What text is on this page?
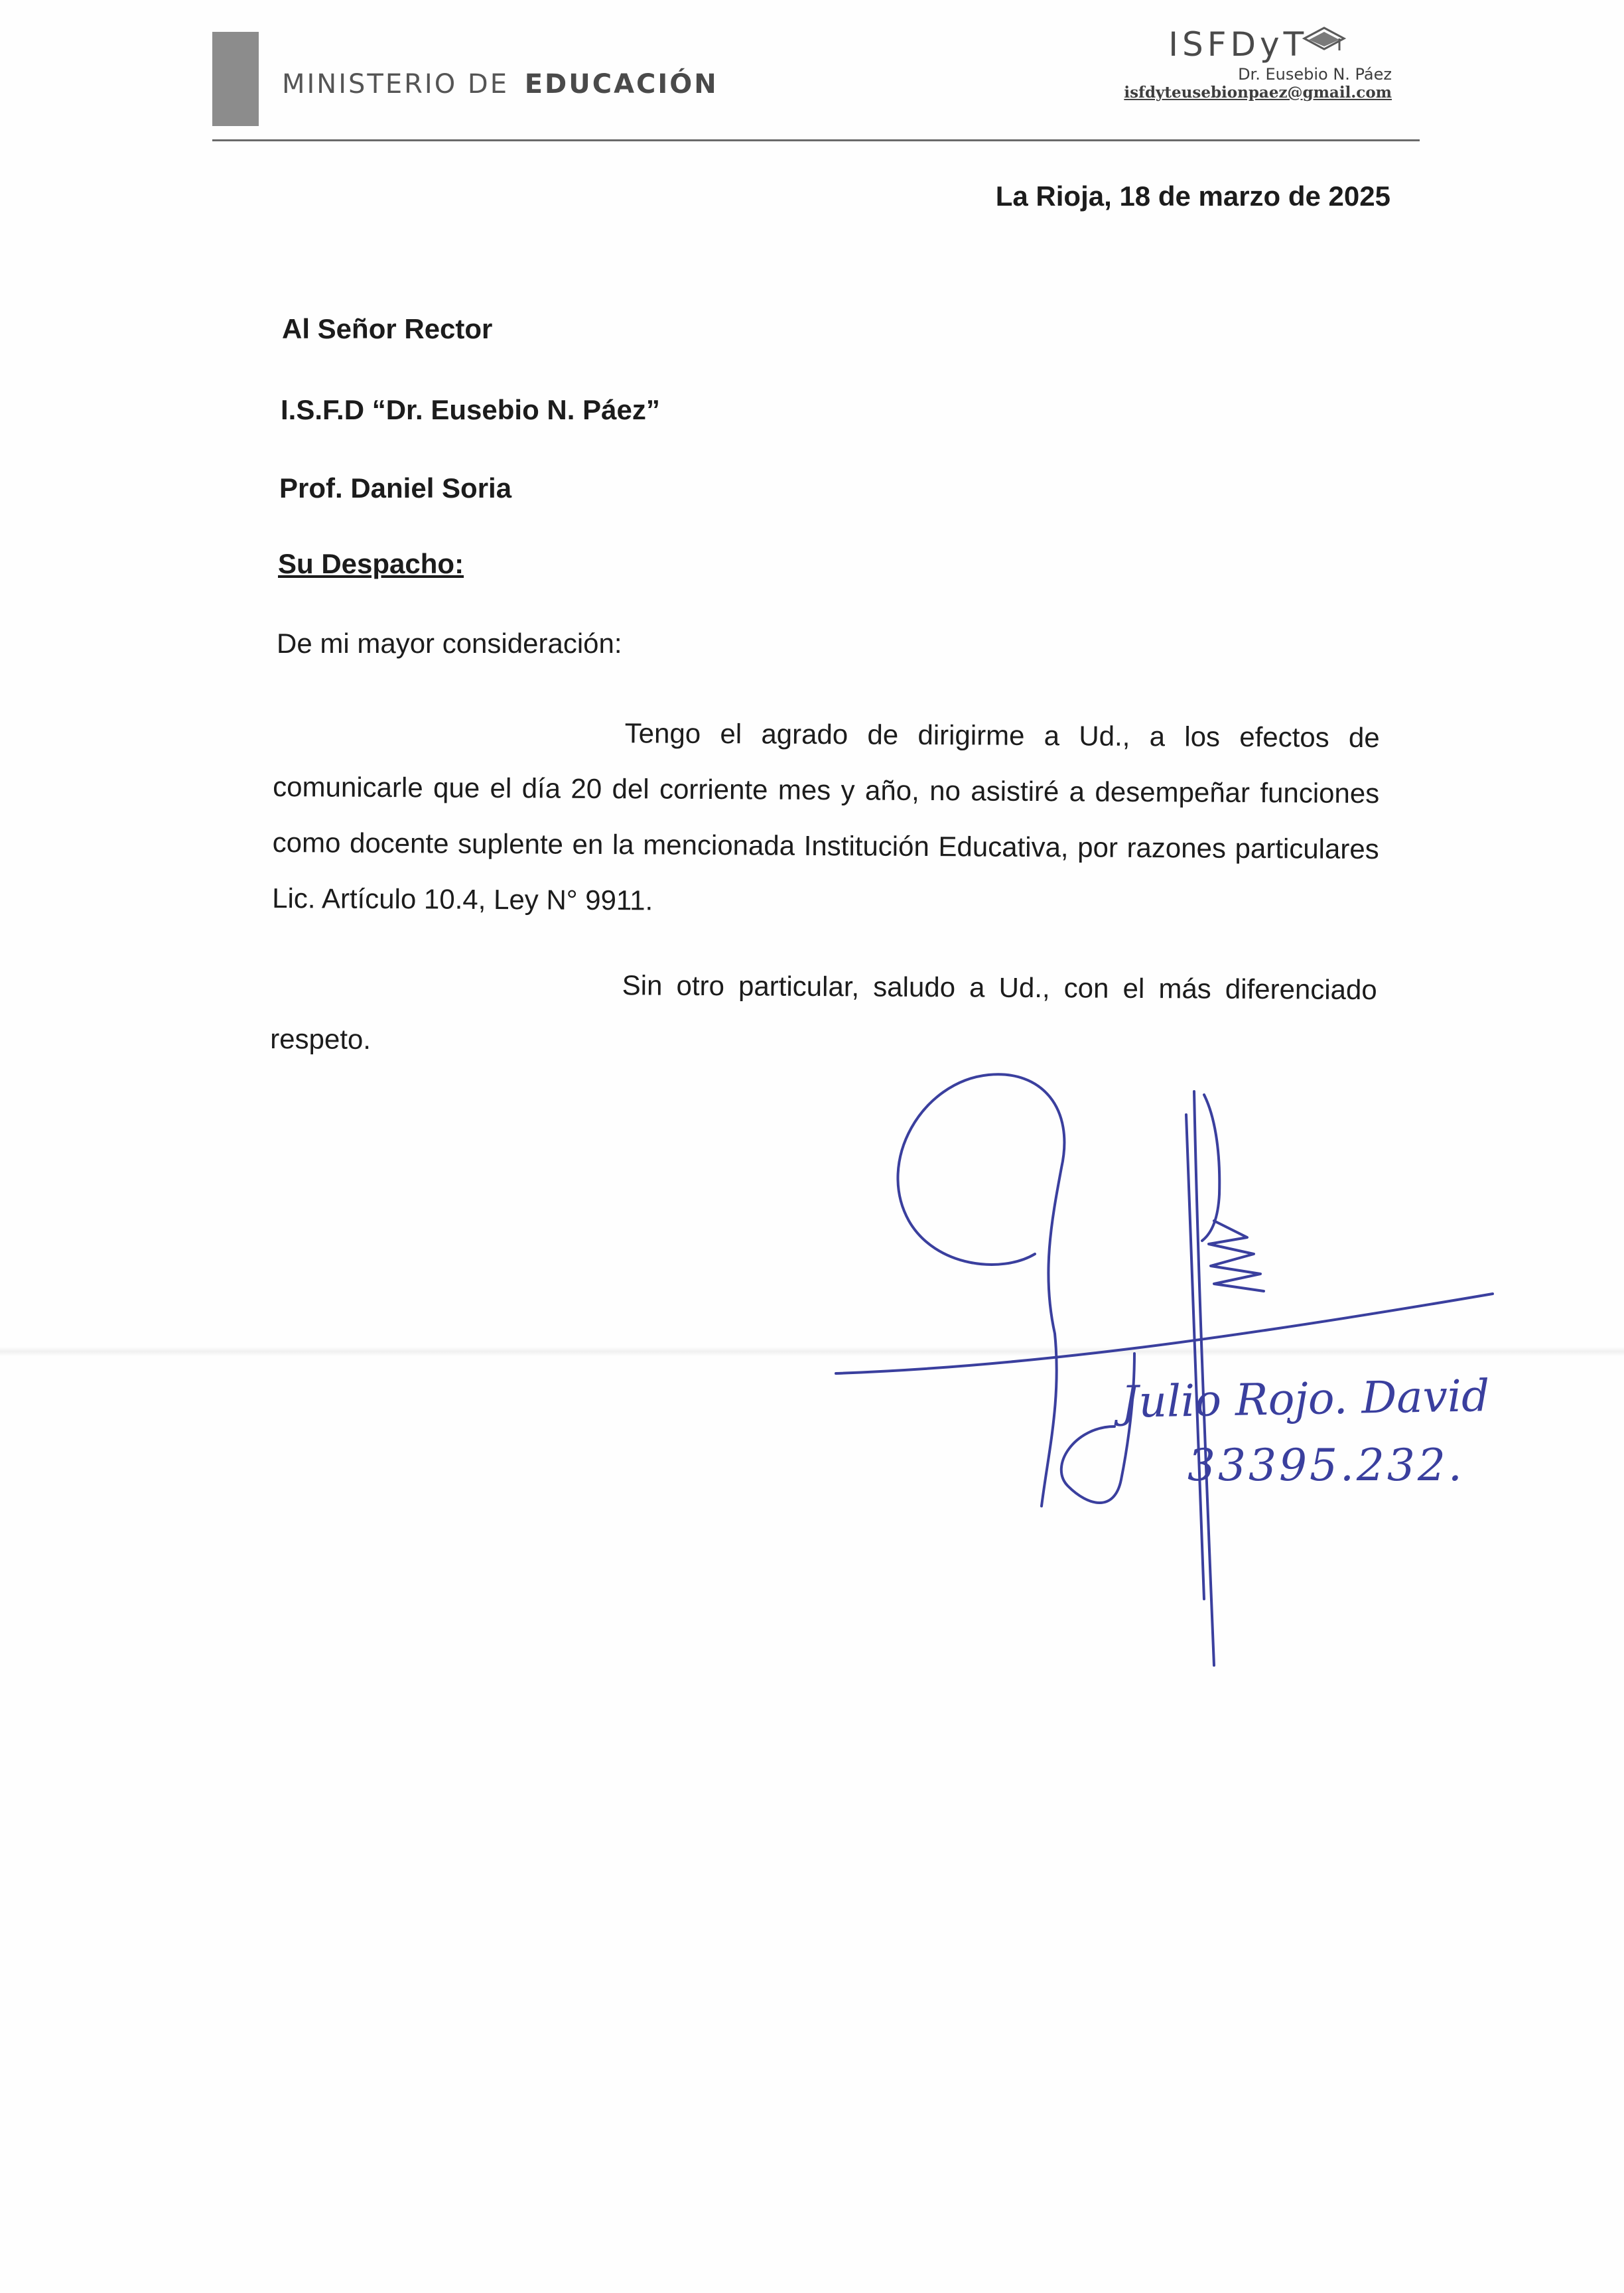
MINISTERIO DE EDUCACIÓN
ISFDyT
Dr. Eusebio N. Páez
isfdyteusebionpaez@gmail.com
La Rioja, 18 de marzo de 2025
Al Señor Rector
I.S.F.D “Dr. Eusebio N. Páez”
Prof. Daniel Soria
Su Despacho:
De mi mayor consideración:
Tengo el agrado de dirigirme a Ud., a los efectos de comunicarle que el día 20 del corriente mes y año, no asistiré a desempeñar funciones como docente suplente en la mencionada Institución Educativa, por razones particulares Lic. Artículo 10.4, Ley N° 9911.
Sin otro particular, saludo a Ud., con el más diferenciado respeto.
Julio Rojo. David
33395.232.
